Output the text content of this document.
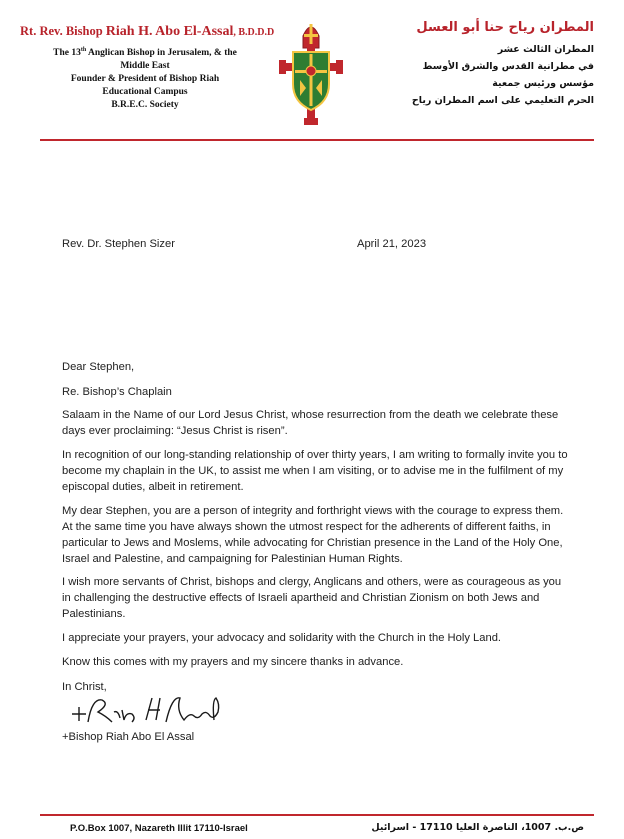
Rt. Rev. Bishop Riah H. Abo El-Assal, B.D.D.D
The 13th Anglican Bishop in Jerusalem, & the
Middle East
Founder & President of Bishop Riah
Educational Campus
B.R.E.C. Society
المطران رياح حنا أبو العسل
المطران الثالث عشر
في مطرانية القدس والشرق الأوسط
مؤسس ورئيس جمعية
الحرم التعليمي على اسم المطران رياح
Rev. Dr. Stephen Sizer	April 21, 2023
Dear Stephen,
Re. Bishop’s Chaplain
Salaam in the Name of our Lord Jesus Christ, whose resurrection from the death we celebrate these days ever proclaiming: “Jesus Christ is risen”.
In recognition of our long-standing relationship of over thirty years, I am writing to formally invite you to become my chaplain in the UK, to assist me when I am visiting, or to advise me in the fulfilment of my episcopal duties, albeit in retirement.
My dear Stephen, you are a person of integrity and forthright views with the courage to express them. At the same time you have always shown the utmost respect for the adherents of different faiths, in particular to Jews and Moslems, while advocating for Christian presence in the Land of the Holy One, Israel and Palestine, and campaigning for Palestinian Human Rights.
I wish more servants of Christ, bishops and clergy, Anglicans and others, were as courageous as you in challenging the destructive effects of Israeli apartheid and Christian Zionism on both Jews and Palestinians.
I appreciate your prayers, your advocacy and solidarity with the Church in the Holy Land.
Know this comes with my prayers and my sincere thanks in advance.
In Christ,
+Bishop Riah Abo El Assal
P.O.Box 1007, Nazareth Illit 17110-Israel	ص.ب. 1007، الناصرة العليا 17110 - اسرائيل
